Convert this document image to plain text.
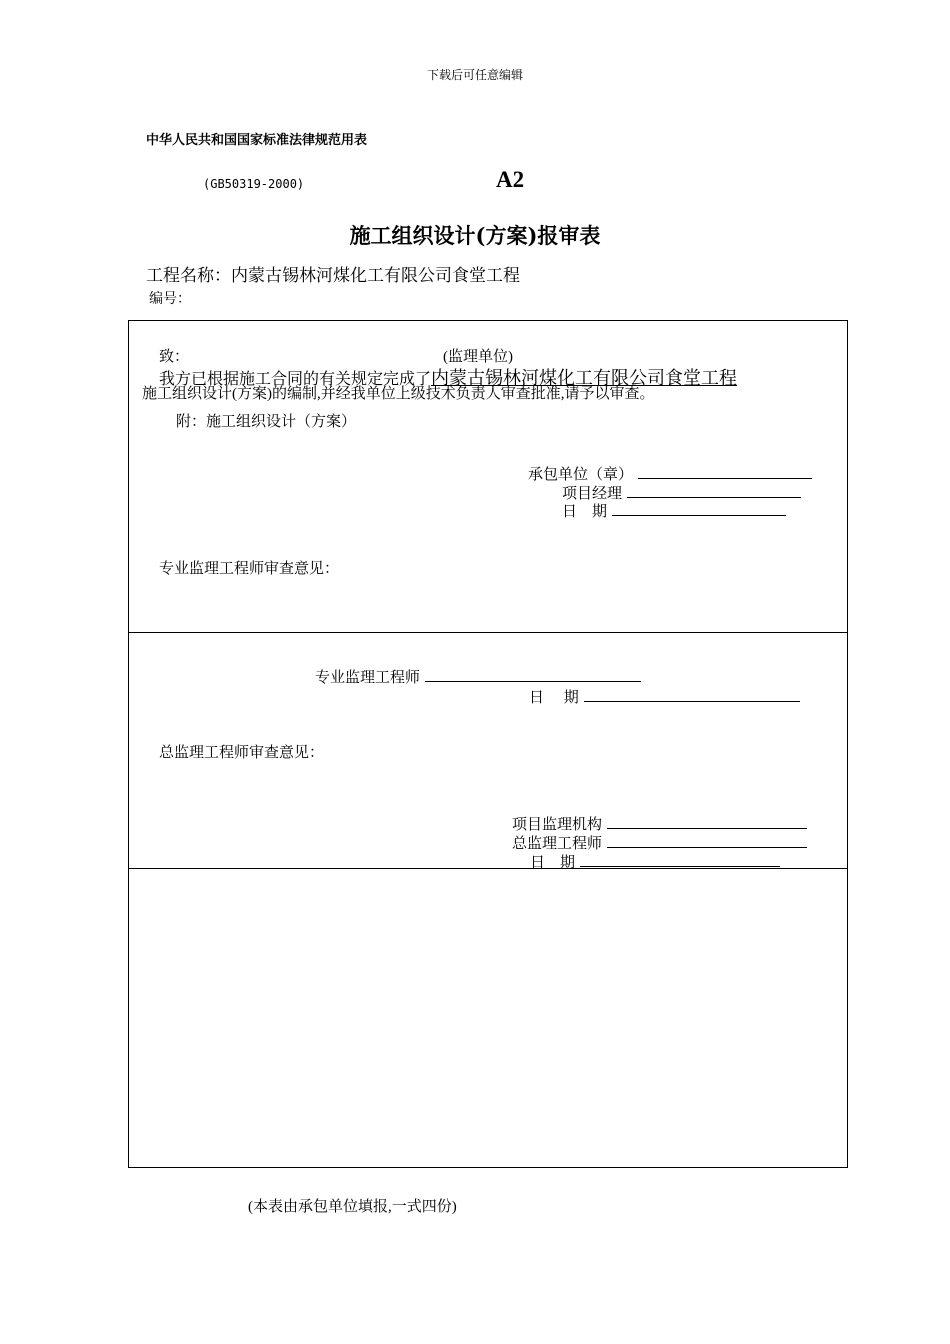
下载后可任意编辑
中华人民共和国国家标准法律规范用表
(GB50319-2000)	A2
施工组织设计(方案)报审表
工程名称：内蒙古锡林河煤化工有限公司食堂工程
编号：
致：	(监理单位)
我方已根据施工合同的有关规定完成了内蒙古锡林河煤化工有限公司食堂工程
施工组织设计(方案)的编制,并经我单位上级技术负责人审查批准,请予以审查。
附：施工组织设计（方案）
承包单位（章）
项目经理
日　期
专业监理工程师审查意见：
专业监理工程师
日　 期
总监理工程师审查意见：
项目监理机构
总监理工程师
日　期
(本表由承包单位填报,一式四份)
